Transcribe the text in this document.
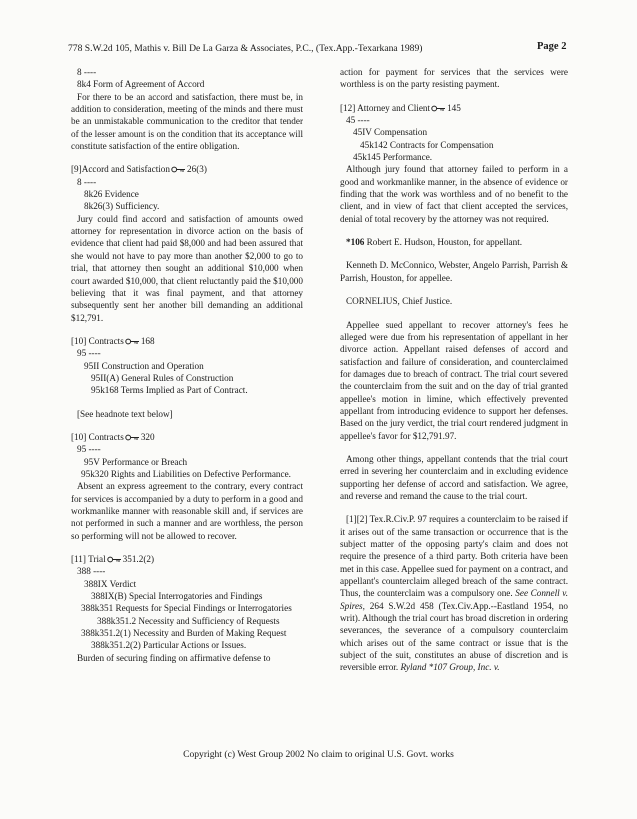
778 S.W.2d 105, Mathis v. Bill De La Garza & Associates, P.C., (Tex.App.-Texarkana 1989)	Page 2
8 ----
8k4 Form of Agreement of Accord
For there to be an accord and satisfaction, there must be, in addition to consideration, meeting of the minds and there must be an unmistakable communication to the creditor that tender of the lesser amount is on the condition that its acceptance will constitute satisfaction of the entire obligation.
[9]Accord and Satisfaction 26(3)
8 ----
8k26 Evidence
8k26(3) Sufficiency.
Jury could find accord and satisfaction of amounts owed attorney for representation in divorce action on the basis of evidence that client had paid $8,000 and had been assured that she would not have to pay more than another $2,000 to go to trial, that attorney then sought an additional $10,000 when court awarded $10,000, that client reluctantly paid the $10,000 believing that it was final payment, and that attorney subsequently sent her another bill demanding an additional $12,791.
[10] Contracts 168
95 ----
95II Construction and Operation
95II(A) General Rules of Construction
95k168 Terms Implied as Part of Contract.
[See headnote text below]
[10] Contracts 320
95 ----
95V Performance or Breach
95k320 Rights and Liabilities on Defective Performance.
Absent an express agreement to the contrary, every contract for services is accompanied by a duty to perform in a good and workmanlike manner with reasonable skill and, if services are not performed in such a manner and are worthless, the person so performing will not be allowed to recover.
[11] Trial 351.2(2)
388 ----
388IX Verdict
388IX(B) Special Interrogatories and Findings
388k351 Requests for Special Findings or Interrogatories
388k351.2 Necessity and Sufficiency of Requests
388k351.2(1) Necessity and Burden of Making Request
388k351.2(2) Particular Actions or Issues.
Burden of securing finding on affirmative defense to
action for payment for services that the services were worthless is on the party resisting payment.
[12] Attorney and Client 145
45 ----
45IV Compensation
45k142 Contracts for Compensation
45k145 Performance.
Although jury found that attorney failed to perform in a good and workmanlike manner, in the absence of evidence or finding that the work was worthless and of no benefit to the client, and in view of fact that client accepted the services, denial of total recovery by the attorney was not required.
*106 Robert E. Hudson, Houston, for appellant.
Kenneth D. McConnico, Webster, Angelo Parrish, Parrish & Parrish, Houston, for appellee.
CORNELIUS, Chief Justice.
Appellee sued appellant to recover attorney's fees he alleged were due from his representation of appellant in her divorce action. Appellant raised defenses of accord and satisfaction and failure of consideration, and counterclaimed for damages due to breach of contract. The trial court severed the counterclaim from the suit and on the day of trial granted appellee's motion in limine, which effectively prevented appellant from introducing evidence to support her defenses. Based on the jury verdict, the trial court rendered judgment in appellee's favor for $12,791.97.
Among other things, appellant contends that the trial court erred in severing her counterclaim and in excluding evidence supporting her defense of accord and satisfaction. We agree, and reverse and remand the cause to the trial court.
[1][2] Tex.R.Civ.P. 97 requires a counterclaim to be raised if it arises out of the same transaction or occurrence that is the subject matter of the opposing party's claim and does not require the presence of a third party. Both criteria have been met in this case. Appellee sued for payment on a contract, and appellant's counterclaim alleged breach of the same contract. Thus, the counterclaim was a compulsory one. See Connell v. Spires, 264 S.W.2d 458 (Tex.Civ.App.--Eastland 1954, no writ). Although the trial court has broad discretion in ordering severances, the severance of a compulsory counterclaim which arises out of the same contract or issue that is the subject of the suit, constitutes an abuse of discretion and is reversible error. Ryland *107 Group, Inc. v.
Copyright (c) West Group 2002 No claim to original U.S. Govt. works
